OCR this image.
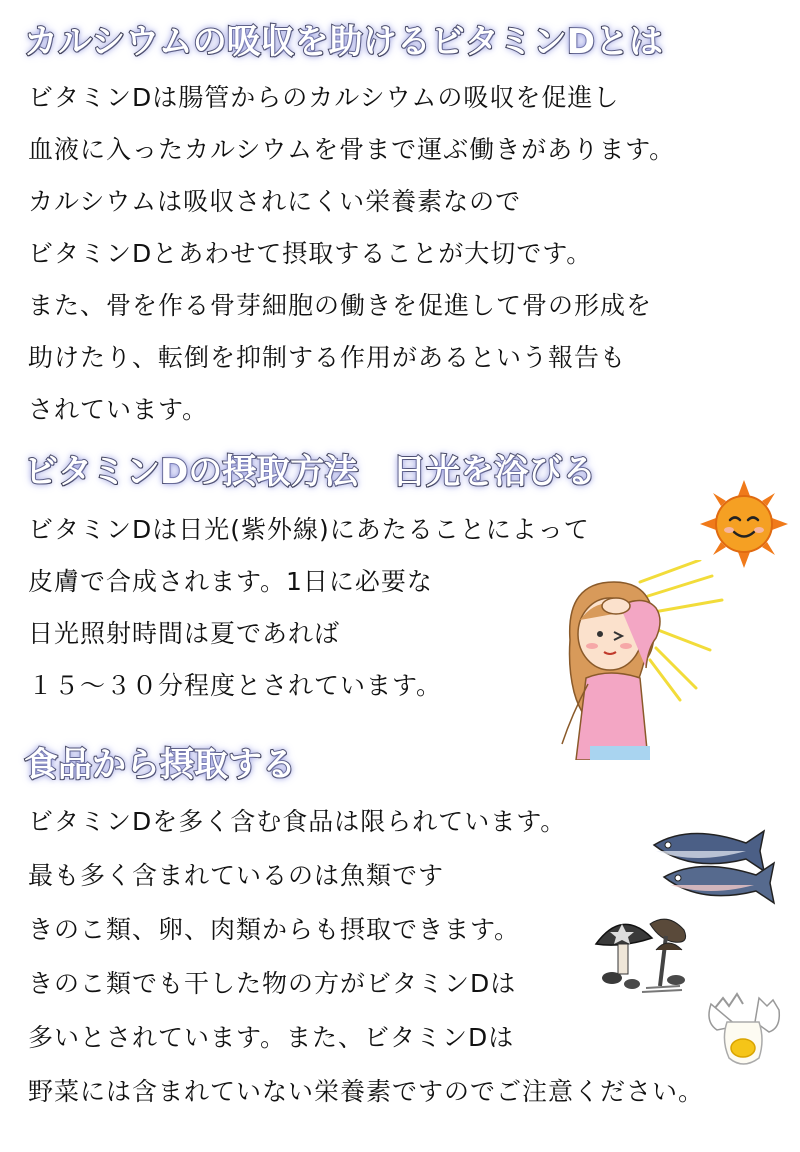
カルシウムの吸収を助けるビタミンDとは
ビタミンDは腸管からのカルシウムの吸収を促進し
血液に入ったカルシウムを骨まで運ぶ働きがあります。
カルシウムは吸収されにくい栄養素なので
ビタミンDとあわせて摂取することが大切です。
また、骨を作る骨芽細胞の働きを促進して骨の形成を
助けたり、転倒を抑制する作用があるという報告も
されています。
ビタミンDの摂取方法　日光を浴びる
ビタミンDは日光(紫外線)にあたることによって
皮膚で合成されます。1日に必要な
日光照射時間は夏であれば
１５～３０分程度とされています。
食品から摂取する
ビタミンDを多く含む食品は限られています。
最も多く含まれているのは魚類です
きのこ類、卵、肉類からも摂取できます。
きのこ類でも干した物の方がビタミンDは
多いとされています。また、ビタミンDは
野菜には含まれていない栄養素ですのでご注意ください。
